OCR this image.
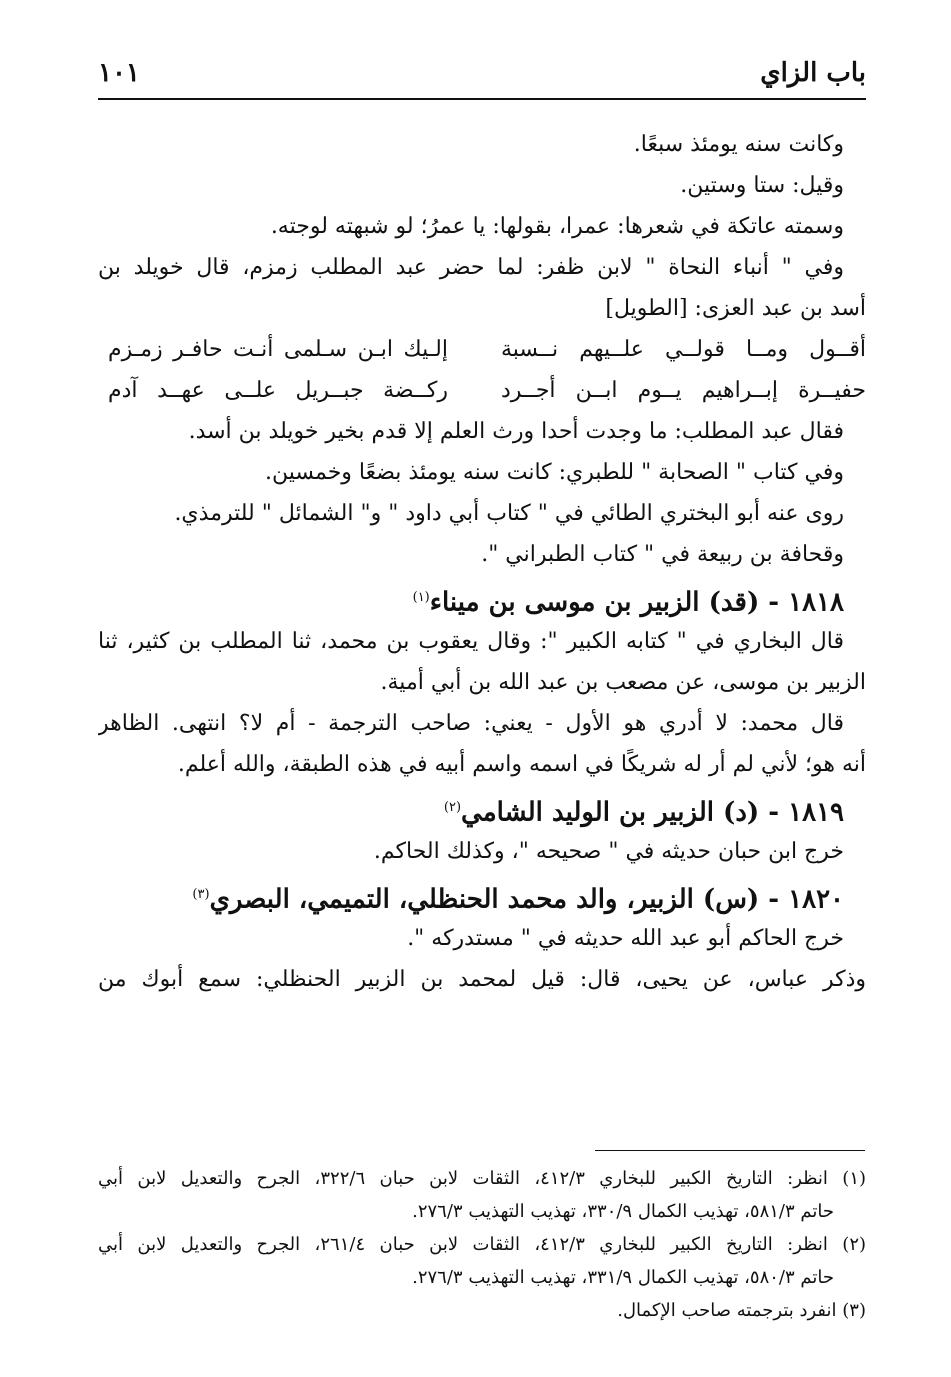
باب الزاي
١٠١
وكانت سنه يومئذ سبعًا.
وقيل: ستا وستين.
وسمته عاتكة في شعرها: عمرا، بقولها: يا عمرُ؛ لو شبهته لوجته.
وفي " أنباء النحاة " لابن ظفر: لما حضر عبد المطلب زمزم، قال خويلد بن
أسد بن عبد العزى: [الطويل]
أقــول ومــا قولــي علــيهم نــسبة
إلـيك ابـن سـلمى أنـت حافـر زمـزم
حفيــرة إبــراهيم يــوم ابــن أجــرد
ركــضة جبــريل علــى عهــد آدم
فقال عبد المطلب: ما وجدت أحدا ورث العلم إلا قدم بخير خويلد بن أسد.
وفي كتاب " الصحابة " للطبري: كانت سنه يومئذ بضعًا وخمسين.
روى عنه أبو البختري الطائي في " كتاب أبي داود " و" الشمائل " للترمذي.
وقحافة بن ربيعة في " كتاب الطبراني ".
١٨١٨ - (قد) الزبير بن موسى بن ميناء$^{(١)}$
قال البخاري في " كتابه الكبير ": وقال يعقوب بن محمد، ثنا المطلب بن كثير، ثنا
الزبير بن موسى، عن مصعب بن عبد الله بن أبي أمية.
قال محمد: لا أدري هو الأول - يعني: صاحب الترجمة - أم لا؟ انتهى. الظاهر
أنه هو؛ لأني لم أر له شريكًا في اسمه واسم أبيه في هذه الطبقة، والله أعلم.
١٨١٩ - (د) الزبير بن الوليد الشامي$^{(٢)}$
خرج ابن حبان حديثه في " صحيحه "، وكذلك الحاكم.
١٨٢٠ - (س) الزبير، والد محمد الحنظلي، التميمي، البصري$^{(٣)}$
خرج الحاكم أبو عبد الله حديثه في " مستدركه ".
وذكر عباس، عن يحيى، قال: قيل لمحمد بن الزبير الحنظلي: سمع أبوك من
(١) انظر: التاريخ الكبير للبخاري ٤١٢/٣، الثقات لابن حبان ٣٢٢/٦، الجرح والتعديل لابن أبي
حاتم ٥٨١/٣، تهذيب الكمال ٣٣٠/٩، تهذيب التهذيب ٢٧٦/٣.
(٢) انظر: التاريخ الكبير للبخاري ٤١٢/٣، الثقات لابن حبان ٢٦١/٤، الجرح والتعديل لابن أبي
حاتم ٥٨٠/٣، تهذيب الكمال ٣٣١/٩، تهذيب التهذيب ٢٧٦/٣.
(٣) انفرد بترجمته صاحب الإكمال.
